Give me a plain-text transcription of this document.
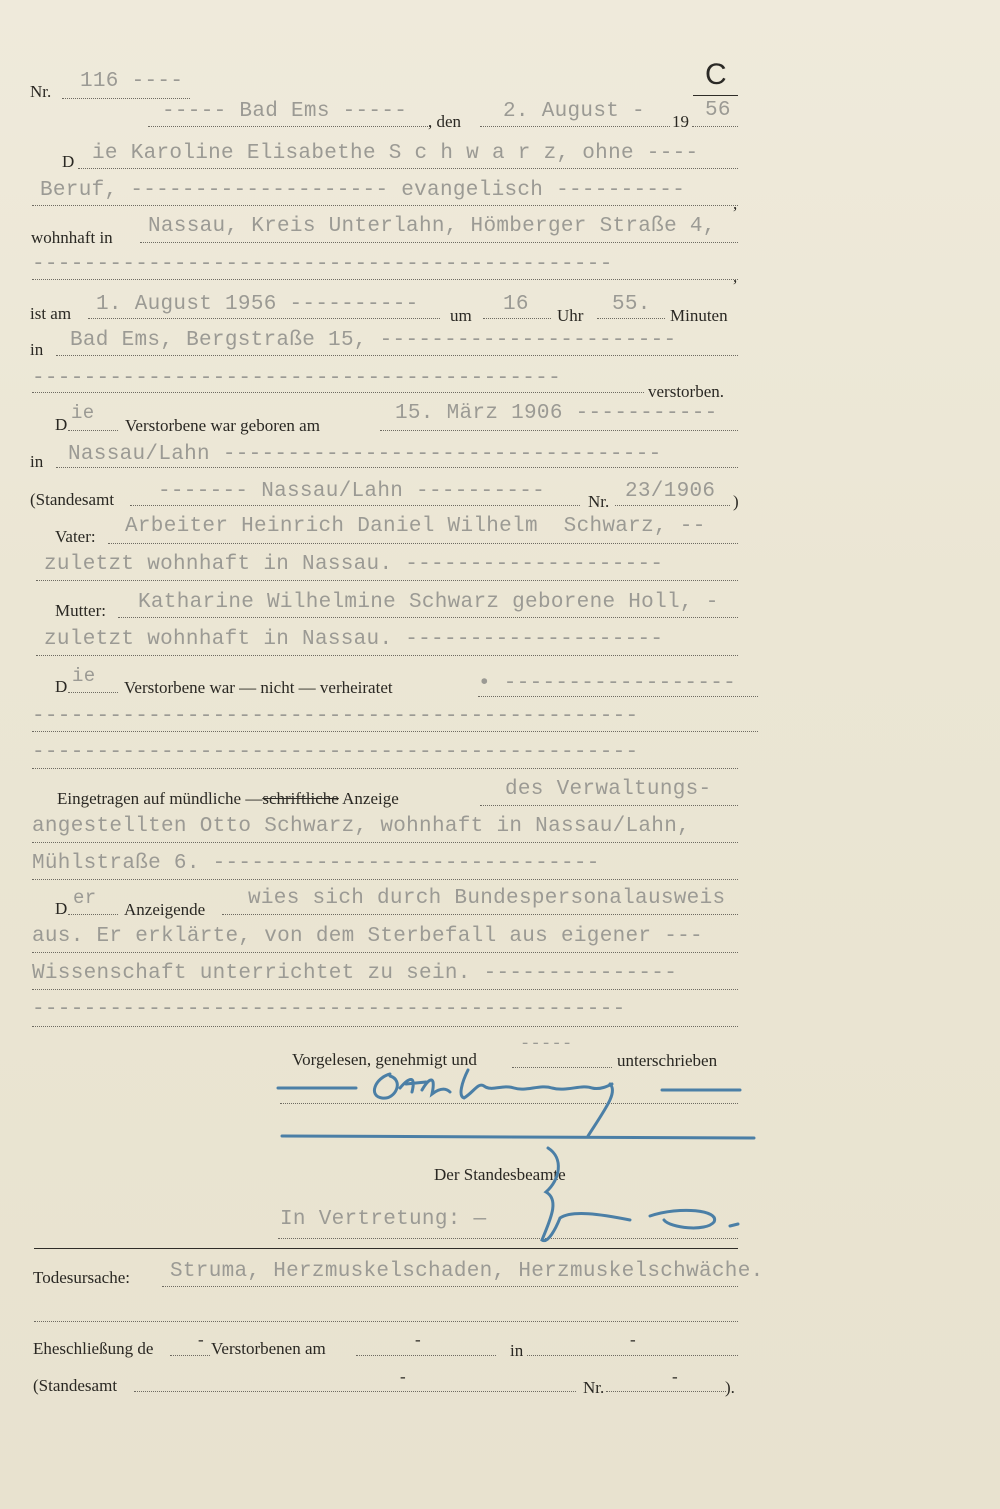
Nr. 116 ----	C
----- Bad Ems ----- , den 2. August - 19 56
D ie Karoline Elisabethe S c h w a r z, ohne ----
Beruf, -------------------- evangelisch ----------
,
wohnhaft in Nassau, Kreis Unterlahn, Hömberger Straße 4,
---------------------------------------------
,
ist am 1. August 1956 ---------- um 16 Uhr 55. Minuten
in Bad Ems, Bergstraße 15, -----------------------
-----------------------------------------
verstorben.
D
ie
Verstorbene war geboren am
15. März 1906 -----------
in Nassau/Lahn ----------------------------------
(Standesamt ------- Nassau/Lahn ----------	Nr. 23/1906 )
Vater: Arbeiter Heinrich Daniel Wilhelm  Schwarz, --
zuletzt wohnhaft in Nassau. --------------------
Mutter: Katharine Wilhelmine Schwarz geborene Holl, -
zuletzt wohnhaft in Nassau. --------------------
D ie
Verstorbene war — nicht — verheiratet	• ------------------
-----------------------------------------------
-----------------------------------------------
Eingetragen auf mündliche —schriftliche Anzeige	des Verwaltungs-
angestellten Otto Schwarz, wohnhaft in Nassau/Lahn,
Mühlstraße 6. ------------------------------
D er
Anzeigende wies sich durch Bundespersonalausweis
aus. Er erklärte, von dem Sterbefall aus eigener ---
Wissenschaft unterrichtet zu sein. ---------------
----------------------------------------------
Vorgelesen, genehmigt und
-----
unterschrieben
Der Standesbeamte
In Vertretung: —
Todesursache: Struma, Herzmuskelschaden, Herzmuskelschwäche.
Eheschließung de	- Verstorbenen am	-
in
-
(Standesamt	-
Nr.
-
).
